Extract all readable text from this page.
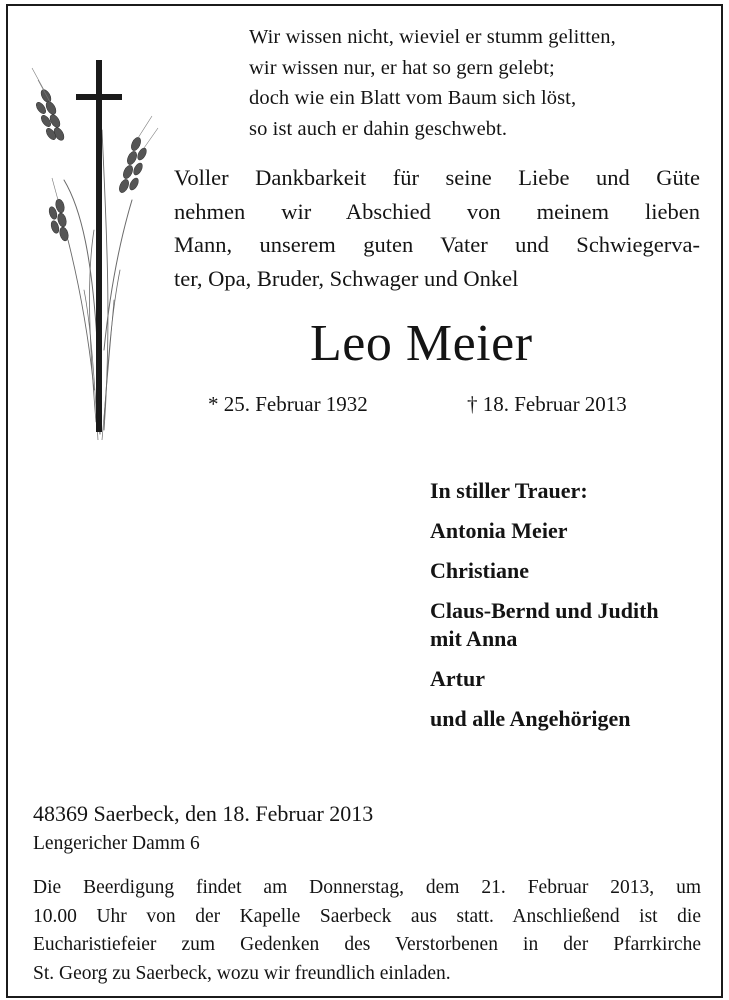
Wir wissen nicht, wieviel er stumm gelitten,
wir wissen nur, er hat so gern gelebt;
doch wie ein Blatt vom Baum sich löst,
so ist auch er dahin geschwebt.
Voller Dankbarkeit für seine Liebe und Güte
nehmen wir Abschied von meinem lieben
Mann, unserem guten Vater und Schwiegerva-
ter, Opa, Bruder, Schwager und Onkel
Leo Meier
* 25. Februar 1932	† 18. Februar 2013
In stiller Trauer:
Antonia Meier
Christiane
Claus-Bernd und Judith
mit Anna
Artur
und alle Angehörigen
48369 Saerbeck, den 18. Februar 2013
Lengericher Damm 6
Die Beerdigung findet am Donnerstag, dem 21. Februar 2013, um
10.00 Uhr von der Kapelle Saerbeck aus statt. Anschließend ist die
Eucharistiefeier zum Gedenken des Verstorbenen in der Pfarrkirche
St. Georg zu Saerbeck, wozu wir freundlich einladen.
